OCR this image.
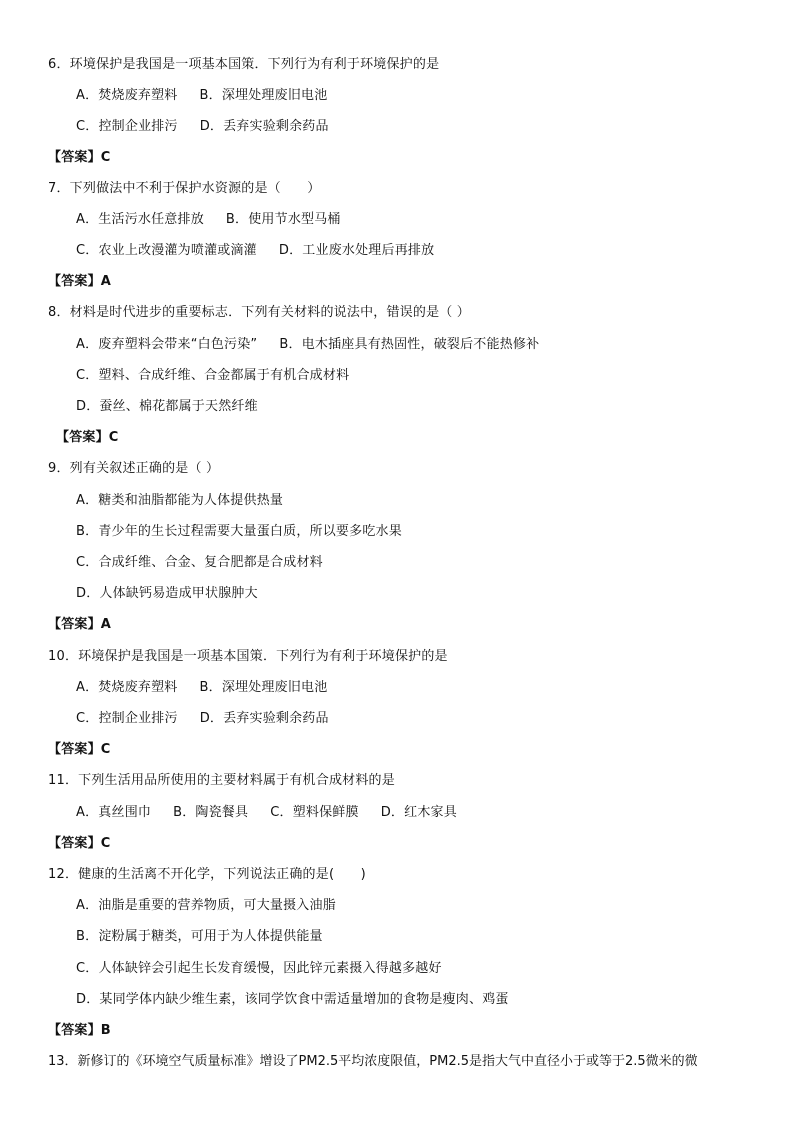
6．环境保护是我国是一项基本国策．下列行为有利于环境保护的是
A．焚烧废弃塑料 B．深埋处理废旧电池
C．控制企业排污 D．丢弃实验剩余药品
【答案】C
7．下列做法中不利于保护水资源的是（　　）
A．生活污水任意排放 B．使用节水型马桶
C．农业上改漫灌为喷灌或滴灌 D．工业废水处理后再排放
【答案】A
8．材料是时代进步的重要标志．下列有关材料的说法中，错误的是（ ）
A．废弃塑料会带来“白色污染” B．电木插座具有热固性，破裂后不能热修补
C．塑料、合成纤维、合金都属于有机合成材料
D．蚕丝、棉花都属于天然纤维
【答案】C
9．列有关叙述正确的是（ ）
A．糖类和油脂都能为人体提供热量
B．青少年的生长过程需要大量蛋白质，所以要多吃水果
C．合成纤维、合金、复合肥都是合成材料
D．人体缺钙易造成甲状腺肿大
【答案】A
10．环境保护是我国是一项基本国策．下列行为有利于环境保护的是
A．焚烧废弃塑料 B．深埋处理废旧电池
C．控制企业排污 D．丢弃实验剩余药品
【答案】C
11．下列生活用品所使用的主要材料属于有机合成材料的是
A．真丝围巾 B．陶瓷餐具 C．塑料保鲜膜 D．红木家具
【答案】C
12．健康的生活离不开化学，下列说法正确的是(　　)
A．油脂是重要的营养物质，可大量摄入油脂
B．淀粉属于糖类，可用于为人体提供能量
C．人体缺锌会引起生长发育缓慢，因此锌元素摄入得越多越好
D．某同学体内缺少维生素，该同学饮食中需适量增加的食物是瘦肉、鸡蛋
【答案】B
13．新修订的《环境空气质量标准》增设了PM2.5平均浓度限值，PM2.5是指大气中直径小于或等于2.5微米的微
